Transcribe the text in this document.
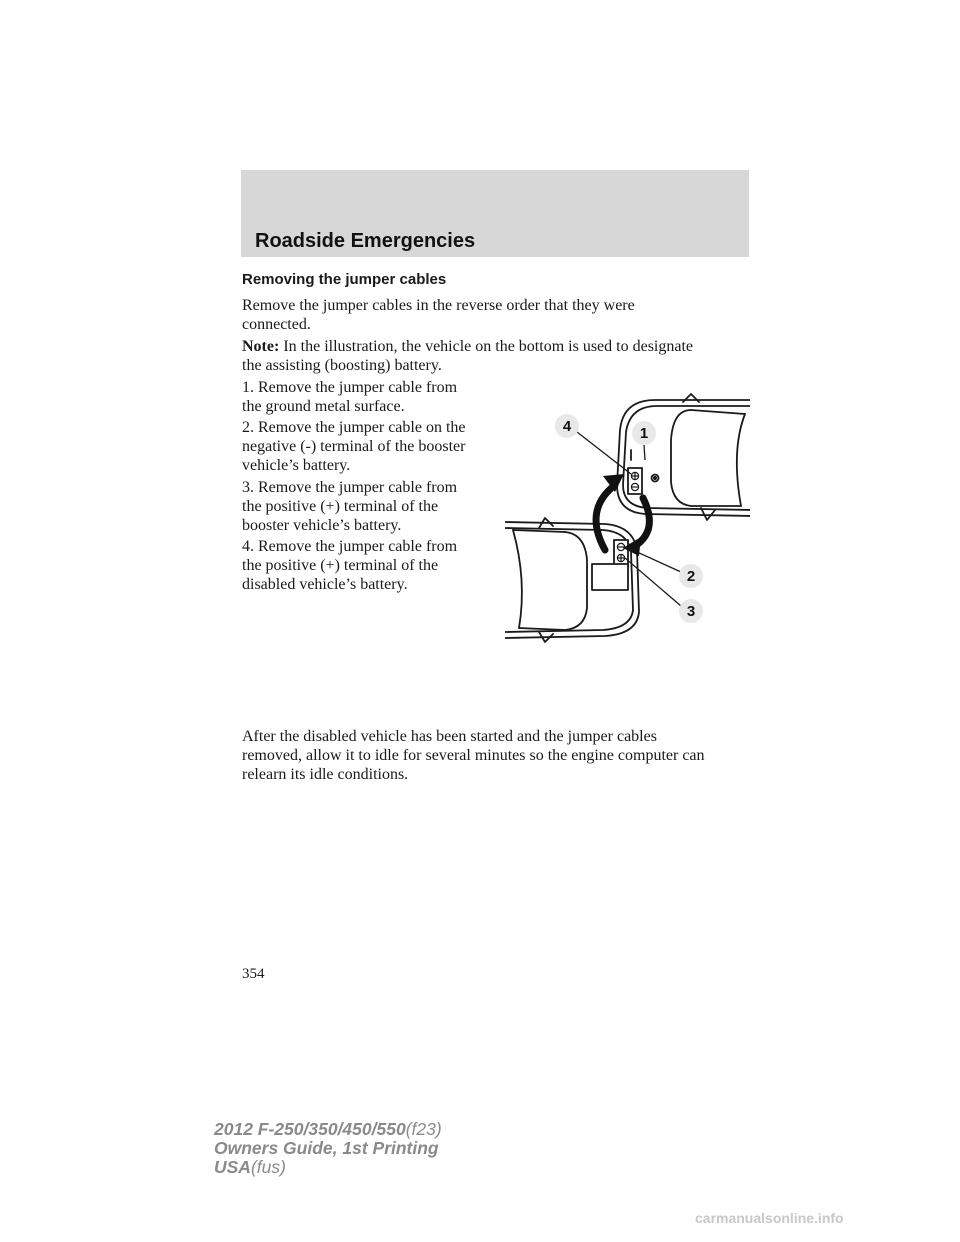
Roadside Emergencies
Removing the jumper cables

Remove the jumper cables in the reverse order that they were
connected.

Note: In the illustration, the vehicle on the bottom is used to designate
the assisting (boosting) battery.

1. Remove the jumper cable from
the ground metal surface.

2. Remove the jumper cable on the
negative (-) terminal of the booster
vehicle’s battery.

3. Remove the jumper cable from
the positive (+) terminal of the
booster vehicle’s battery.

4. Remove the jumper cable from
the positive (+) terminal of the
disabled vehicle’s battery.

4	1
2
3

After the disabled vehicle has been started and the jumper cables
removed, allow it to idle for several minutes so the engine computer can
relearn its idle conditions.

354
2012 F-250/350/450/550(f23)
Owners Guide, 1st Printing
USA(fus)
carmanualsonline.info
